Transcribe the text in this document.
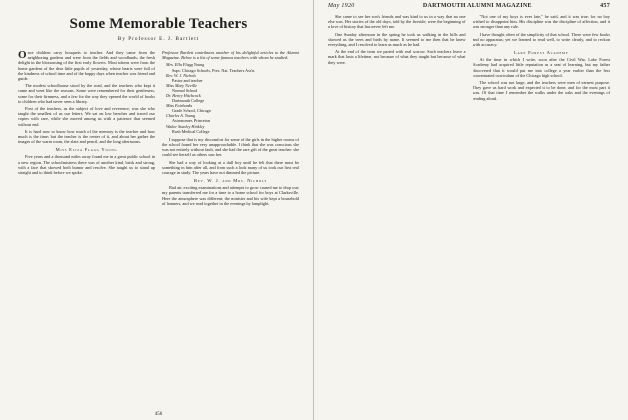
Some Memorable Teachers
By Professor E. J. Bartlett

Once children carry bouquets to teacher. And they came from the neighboring gardens and were from the fields and woodlands; the fresh delight in the blossoming of the first early flowers. Most tokens were from the home gardens of the dear little pupils of yesterday, whose hearts were full of the kindness of school time and of the happy days when teacher was friend and guide.

The modest schoolhouse stood by the road, and the teachers who kept it came and went like the seasons. Some were remembered for their gentleness, some for their firmness, and a few for the way they opened the world of books to children who had never seen a library.

First of the teachers, as the subject of love and reverence, was she who taught the smallest of us our letters. We sat on low benches and traced our copies with care, while she moved among us with a patience that seemed without end.

It is hard now to know how much of the memory is the teacher and how much is the time; but the teacher is the center of it, and about her gather the images of the warm room, the slate and pencil, and the long afternoons.

Miss Eliza Flagg Young

Five years and a thousand miles away found me in a great public school in a new region. The schoolmistress there was of another kind, brisk and strong, with a face that showed both humor and resolve. She taught us to stand up straight and to think before we spoke.

Professor Bartlett contributes another of his delightful articles to the Alumni Magazine. Below is a list of some famous teachers with whom he studied.

Mrs. Ella Flagg Young
Supt. Chicago Schools, Pres. Nat. Teachers Ass'n.
Rev. W. J. Nichols
Pastor and teacher
Miss Mary Neville
Normal School
Dr. Henry Hitchcock
Dartmouth College
Miss Fairbanks
Grade School, Chicago
Charles A. Young
Astronomer, Princeton
Walter Stanley Hinkley
Rush Medical College

I suppose that is my discomfort for some of the girls in the higher rooms of the school found her very unapproachable. I think that she was conscious she was not entirely without fault, and she had the rare gift of the great teacher: she could see herself as others saw her.

She had a way of looking at a dull boy until he felt that there must be something in him after all, and from such a look many of us took our first real courage in study. The years have not dimmed the picture.

Rev. W. J. and Mrs. Nichols

Bad air, exciting examinations and attempts to grow caused me to drop out; my parents transferred me for a time to a home school for boys at Clarksville. Here the atmosphere was different; the minister and his wife kept a household of learners, and we read together in the evenings by lamplight.

456
May 1920	DARTMOUTH ALUMNI MAGAZINE	457

She came to see her son's friends and was kind to us in a way that no one else was. Her stories of the old days, told by the fireside, were the beginning of a love of history that has never left me.

One Sunday afternoon in the spring he took us walking in the hills and showed us the trees and birds by name. It seemed to me then that he knew everything, and I resolved to learn as much as he had.

At the end of the term we parted with real sorrow. Such teachers leave a mark that lasts a lifetime, not because of what they taught but because of what they were.

"Not one of my boys is ever late," he said, and it was true; for no boy wished to disappoint him. His discipline was the discipline of affection, and it was stronger than any rule.

I have thought often of the simplicity of that school. There were few books and no apparatus; yet we learned to read well, to write clearly, and to reckon with accuracy.

Lake Forest Academy

At the time in which I write, soon after the Civil War, Lake Forest Academy had acquired little reputation as a seat of learning, but my father discovered that it would put me into college a year earlier than the less concentrated curriculum of the Chicago high school.

The school was not large, and the teachers were men of earnest purpose. They gave us hard work and expected it to be done, and for the most part it was. Of that time I remember the walks under the oaks and the evenings of reading aloud.
